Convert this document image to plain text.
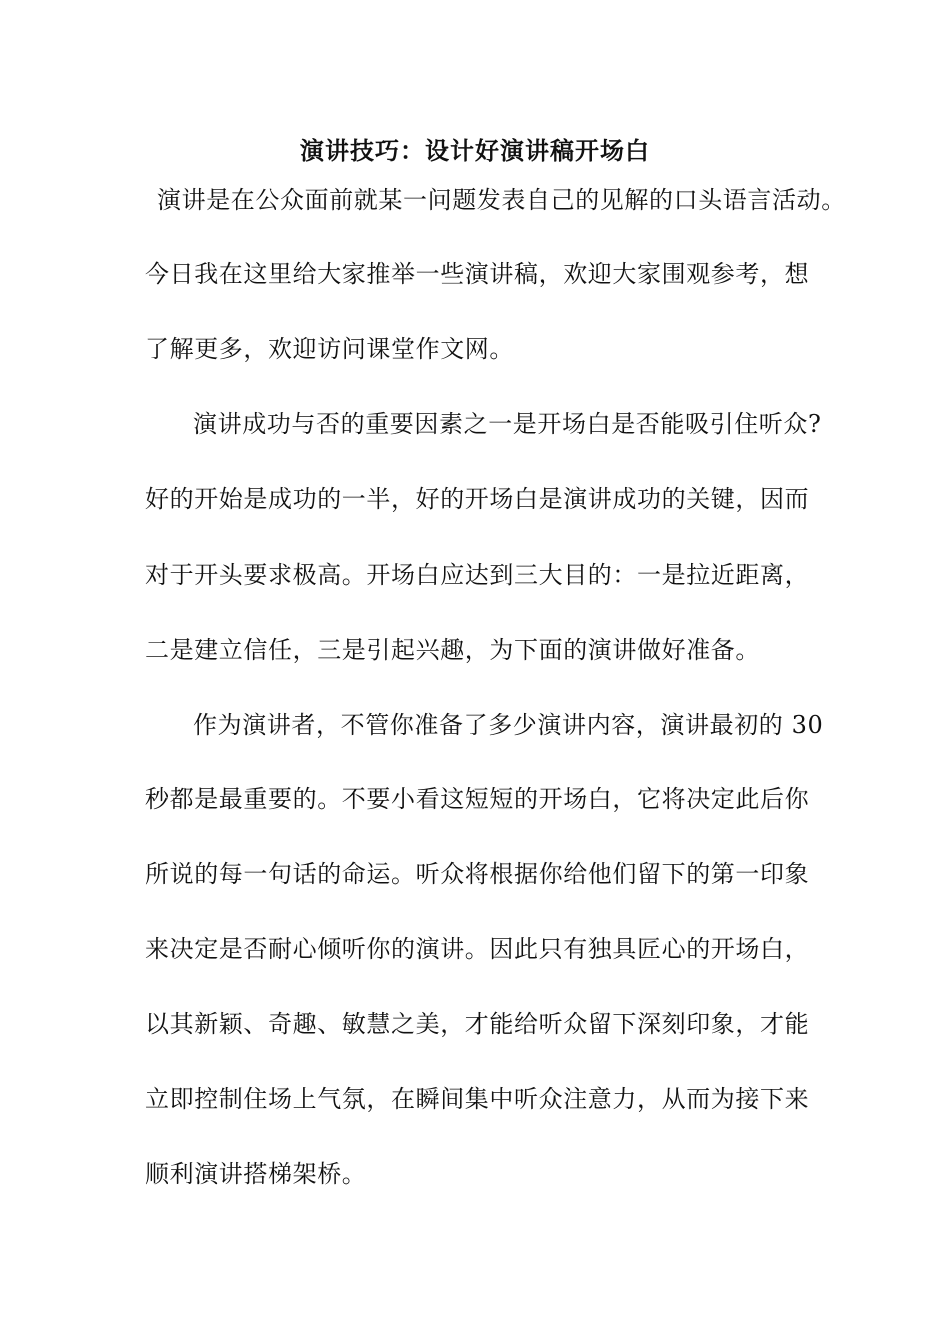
演讲技巧：设计好演讲稿开场白
演讲是在公众面前就某一问题发表自己的见解的口头语言活动。
今日我在这里给大家推举一些演讲稿，欢迎大家围观参考，想
了解更多，欢迎访问课堂作文网。
演讲成功与否的重要因素之一是开场白是否能吸引住听众?
好的开始是成功的一半，好的开场白是演讲成功的关键，因而
对于开头要求极高。开场白应达到三大目的：一是拉近距离，
二是建立信任，三是引起兴趣，为下面的演讲做好准备。
作为演讲者，不管你准备了多少演讲内容，演讲最初的 30
秒都是最重要的。不要小看这短短的开场白，它将决定此后你
所说的每一句话的命运。听众将根据你给他们留下的第一印象
来决定是否耐心倾听你的演讲。因此只有独具匠心的开场白，
以其新颖、奇趣、敏慧之美，才能给听众留下深刻印象，才能
立即控制住场上气氛，在瞬间集中听众注意力，从而为接下来
顺利演讲搭梯架桥。
